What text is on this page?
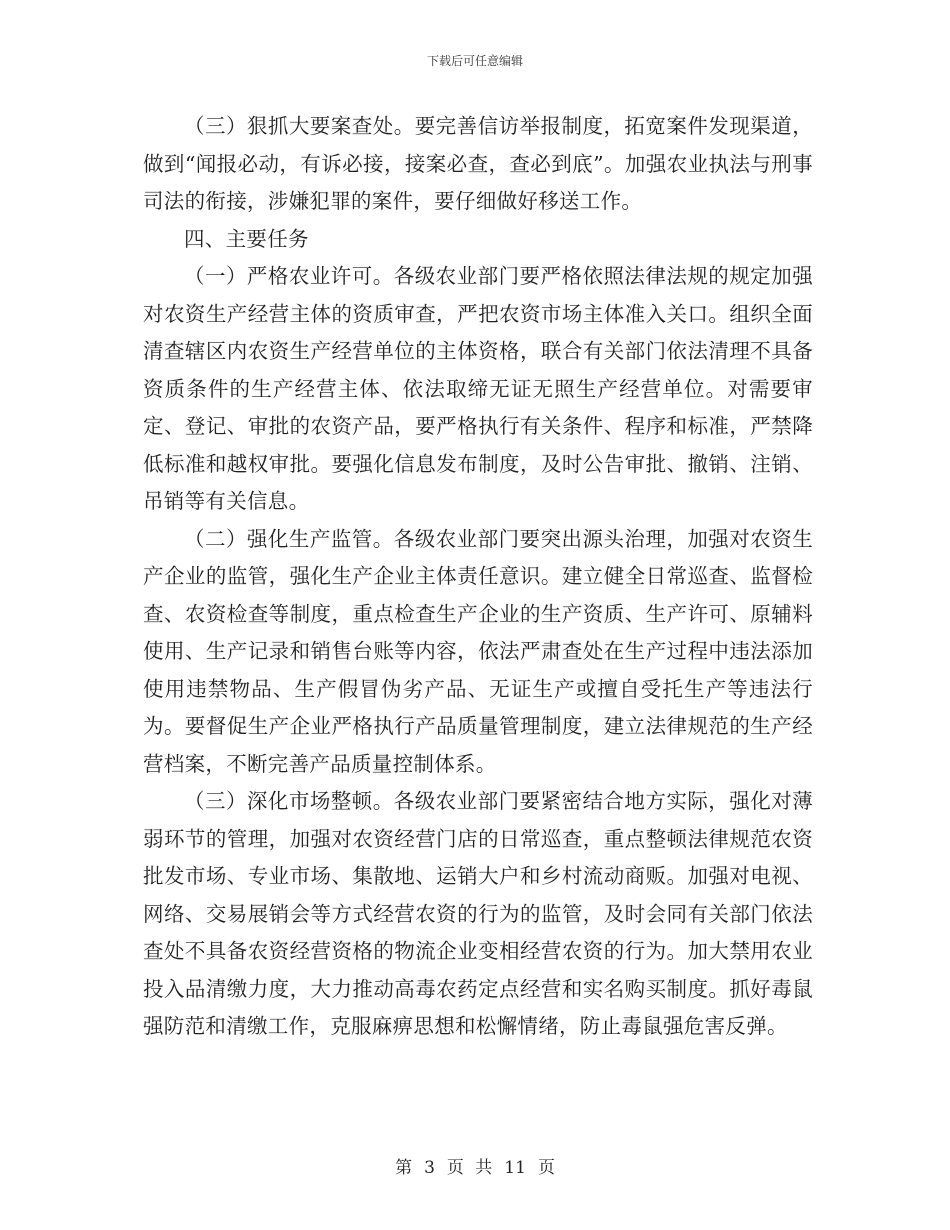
下载后可任意编辑

（三）狠抓大要案查处。要完善信访举报制度，拓宽案件发现渠道，做到“闻报必动，有诉必接，接案必查，查必到底”。加强农业执法与刑事司法的衔接，涉嫌犯罪的案件，要仔细做好移送工作。

四、主要任务

（一）严格农业许可。各级农业部门要严格依照法律法规的规定加强对农资生产经营主体的资质审查，严把农资市场主体准入关口。组织全面清查辖区内农资生产经营单位的主体资格，联合有关部门依法清理不具备资质条件的生产经营主体、依法取缔无证无照生产经营单位。对需要审定、登记、审批的农资产品，要严格执行有关条件、程序和标准，严禁降低标准和越权审批。要强化信息发布制度，及时公告审批、撤销、注销、吊销等有关信息。

（二）强化生产监管。各级农业部门要突出源头治理，加强对农资生产企业的监管，强化生产企业主体责任意识。建立健全日常巡查、监督检查、农资检查等制度，重点检查生产企业的生产资质、生产许可、原辅料使用、生产记录和销售台账等内容，依法严肃查处在生产过程中违法添加使用违禁物品、生产假冒伪劣产品、无证生产或擅自受托生产等违法行为。要督促生产企业严格执行产品质量管理制度，建立法律规范的生产经营档案，不断完善产品质量控制体系。

（三）深化市场整顿。各级农业部门要紧密结合地方实际，强化对薄弱环节的管理，加强对农资经营门店的日常巡查，重点整顿法律规范农资批发市场、专业市场、集散地、运销大户和乡村流动商贩。加强对电视、网络、交易展销会等方式经营农资的行为的监管，及时会同有关部门依法查处不具备农资经营资格的物流企业变相经营农资的行为。加大禁用农业投入品清缴力度，大力推动高毒农药定点经营和实名购买制度。抓好毒鼠强防范和清缴工作，克服麻痹思想和松懈情绪，防止毒鼠强危害反弹。

第 3 页 共 11 页
